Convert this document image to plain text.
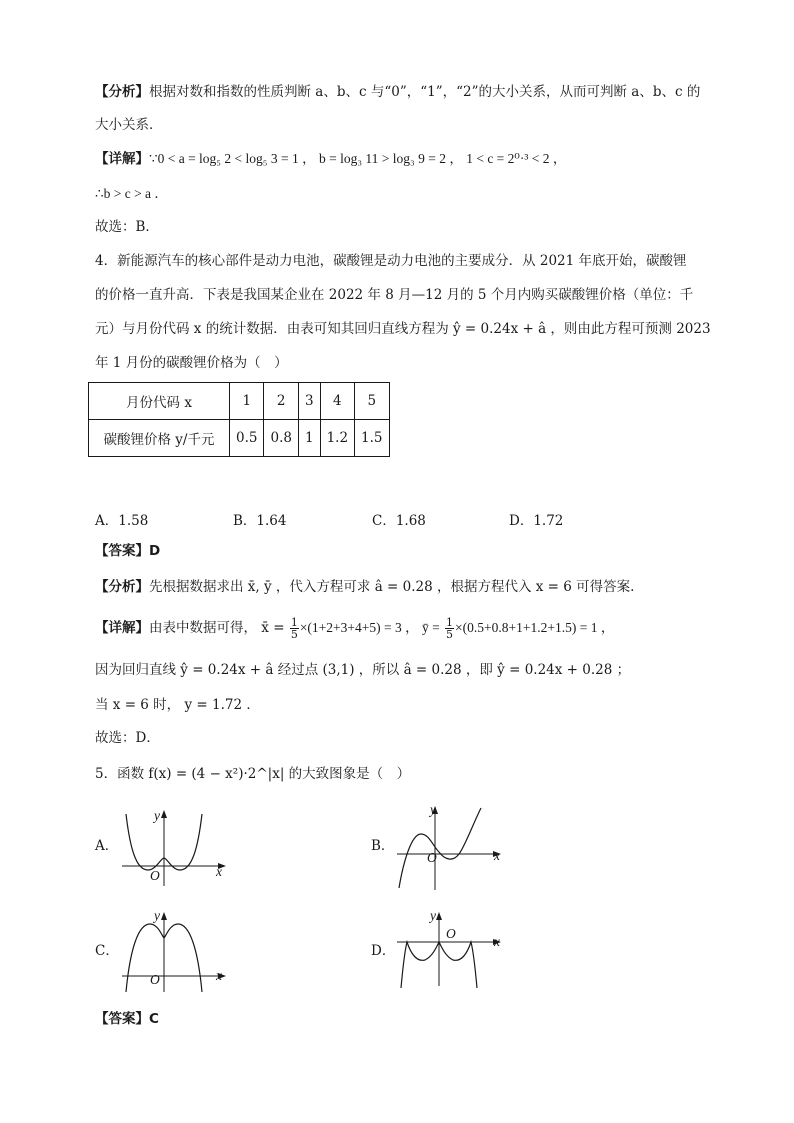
【分析】根据对数和指数的性质判断 a、b、c 与“0”，“1”，“2”的大小关系，从而可判断 a、b、c 的
大小关系．
【详解】∵0 < a = log₅ 2 < log₅ 3 = 1 ， b = log₃ 11 > log₃ 9 = 2 ， 1 < c = 2⁰·³ < 2 ，
∴b > c > a ．
故选：B．
4．新能源汽车的核心部件是动力电池，碳酸锂是动力电池的主要成分．从 2021 年底开始，碳酸锂
的价格一直升高．下表是我国某企业在 2022 年 8 月—12 月的 5 个月内购买碳酸锂价格（单位：千
元）与月份代码 x 的统计数据．由表可知其回归直线方程为 ŷ = 0.24x + â ，则由此方程可预测 2023
年 1 月份的碳酸锂价格为（　）
月份代码 x	1	2	3	4	5
碳酸锂价格 y/千元	0.5	0.8	1	1.2	1.5
A．1.58	B．1.64	C．1.68	D．1.72
【答案】D
【分析】先根据数据求出 x̄, ȳ ，代入方程可求 â = 0.28 ，根据方程代入 x = 6 可得答案.
【详解】由表中数据可得， x̄ = $\frac{1}{5} \times(1+2+3+4+5) = 3$ ， ȳ = $\frac{1}{5} \times(0.5+0.8+1+1.2+1.5) = 1$ ，
因为回归直线 ŷ = 0.24x + â 经过点 (3,1) ，所以 â = 0.28 ，即 ŷ = 0.24x + 0.28 ；
当 x = 6 时， y = 1.72 ．
故选：D．
5．函数 f(x) = (4 − x²)·2^|x| 的大致图象是（　）
A．
y
x
O
B．
y
x
O
C．
y
x
O
D．
y
x
O
【答案】C
